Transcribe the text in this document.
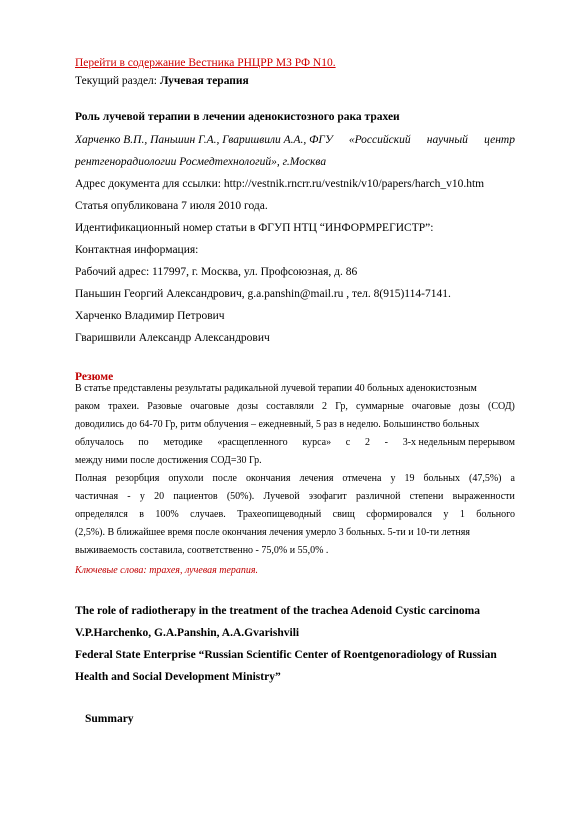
Перейти в содержание Вестника РНЦРР МЗ РФ N10.
Текущий раздел: Лучевая терапия
Роль лучевой терапии в лечении аденокистозного рака трахеи
Харченко В.П., Паньшин Г.А., Гваришвили А.А., ФГУ «Российский научный центр
рентгенорадиологии Росмедтехнологий», г.Москва
Адрес документа для ссылки: http://vestnik.rncrr.ru/vestnik/v10/papers/harch_v10.htm
Статья опубликована 7 июля 2010 года.
Идентификационный номер статьи в ФГУП НТЦ “ИНФОРМРЕГИСТР”:
Контактная информация:
Рабочий адрес: 117997, г. Москва, ул. Профсоюзная, д. 86
Паньшин Георгий Александрович, g.a.panshin@mail.ru , тел. 8(915)114-7141.
Харченко Владимир Петрович
Гваришвили Александр Александрович
Резюме
В статье представлены результаты радикальной лучевой терапии 40 больных аденокистозным
раком трахеи. Разовые очаговые дозы составляли 2 Гр, суммарные очаговые дозы (СОД)
доводились до 64-70 Гр, ритм облучения – ежедневный, 5 раз в неделю. Большинство больных
облучалось по методике «расщепленного курса» с 2 - 3-х недельным перерывом
между ними после достижения СОД=30 Гр.
Полная резорбция опухоли после окончания лечения отмечена у 19 больных (47,5%) а
частичная - у 20 пациентов (50%). Лучевой эзофагит различной степени выраженности
определялся в 100% случаев. Трахеопищеводный свищ сформировался у 1 больного
(2,5%). В ближайшее время после окончания лечения умерло 3 больных. 5-ти и 10-ти летняя
выживаемость составила, соответственно - 75,0% и 55,0% .
Ключевые слова: трахея, лучевая терапия.
The role of radiotherapy in the treatment of the trachea Adenoid Cystic carcinoma
V.P.Harchenko, G.A.Panshin, A.A.Gvarishvili
Federal State Enterprise “Russian Scientific Center of Roentgenoradiology of Russian
Health and Social Development Ministry”
Summary
